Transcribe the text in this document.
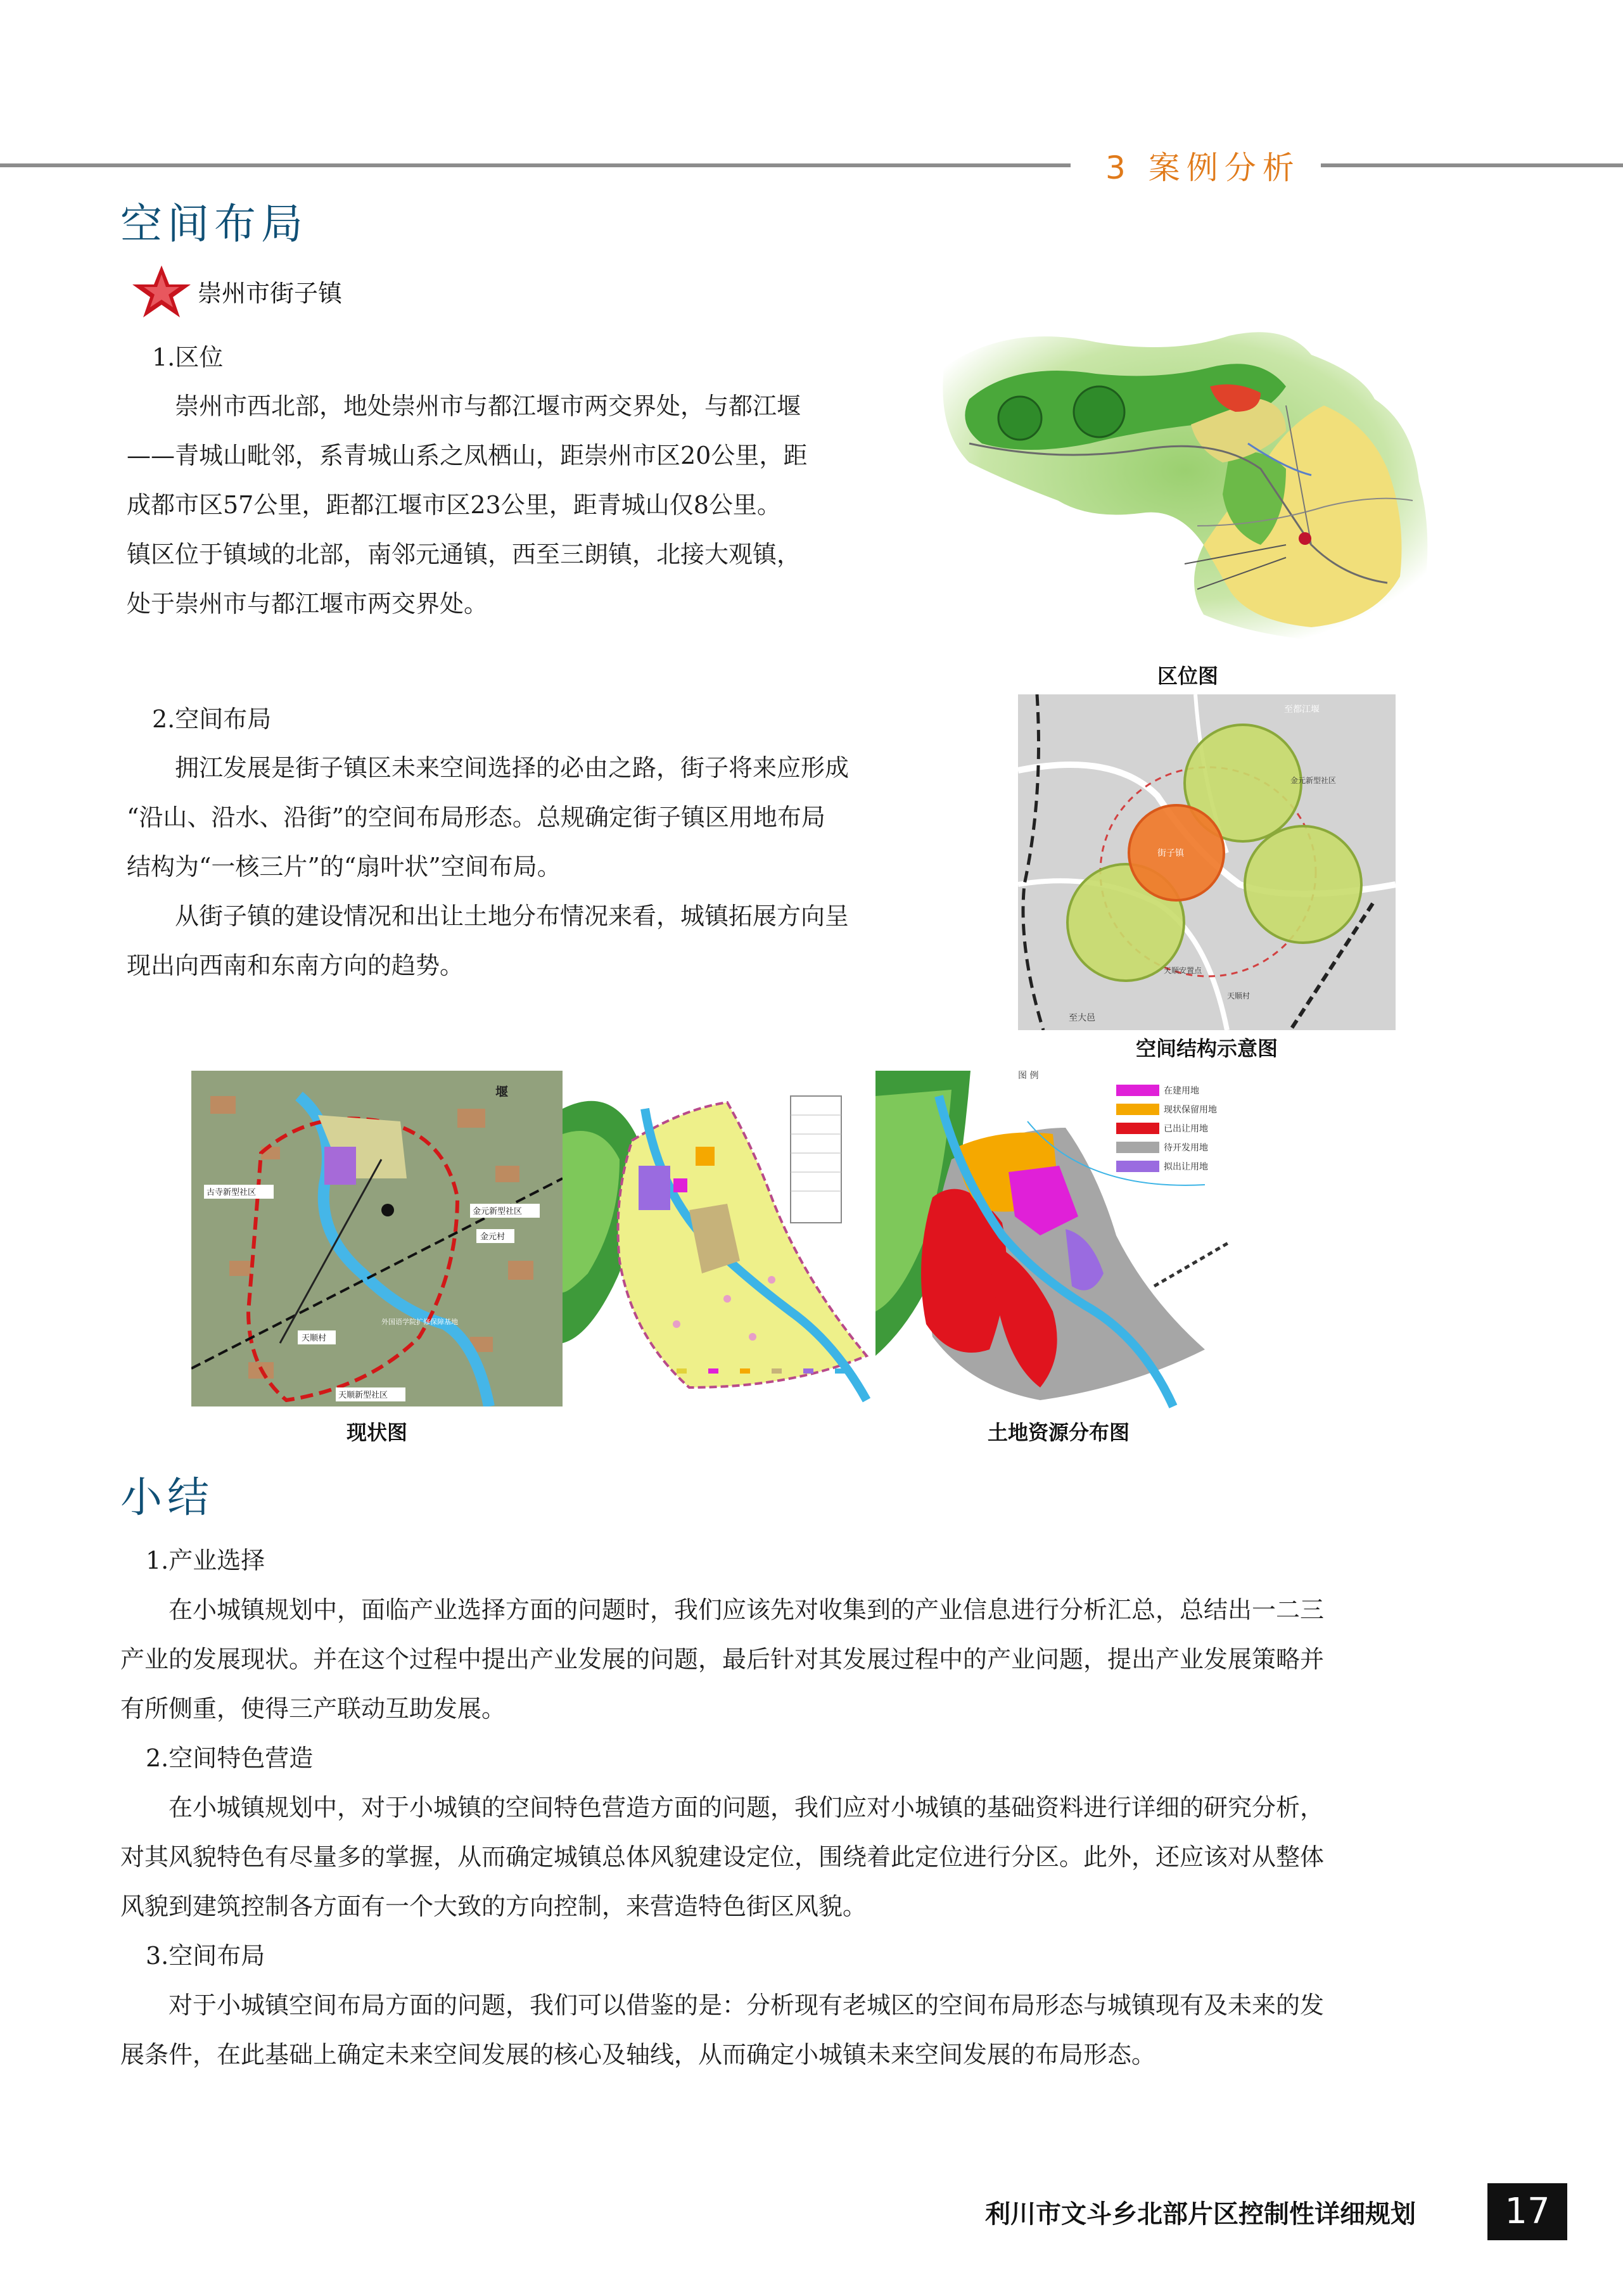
3 案例分析
空间布局
崇州市街子镇
1.区位

崇州市西北部，地处崇州市与都江堰市两交界处，与都江堰

——青城山毗邻，系青城山系之凤栖山，距崇州市区20公里，距

成都市区57公里，距都江堰市区23公里，距青城山仅8公里。

镇区位于镇域的北部，南邻元通镇，西至三朗镇，北接大观镇，

处于崇州市与都江堰市两交界处。

区位图
2.空间布局

拥江发展是街子镇区未来空间选择的必由之路，街子将来应形成

“沿山、沿水、沿街”的空间布局形态。总规确定街子镇区用地布局

结构为“一核三片”的“扇叶状”空间布局。

从街子镇的建设情况和出让土地分布情况来看，城镇拓展方向呈

现出向西南和东南方向的趋势。

至都江堰
金元新型社区
天顺安置点
天顺村
至大邑
街子镇
空间结构示意图
堰
古寺新型社区
金元新型社区
金元村
天顺村
天顺新型社区
外国语学院扩修保障基地
图 例
在建用地
现状保留用地
已出让用地
待开发用地
拟出让用地
现状图	土地资源分布图
小结

1.产业选择

在小城镇规划中，面临产业选择方面的问题时，我们应该先对收集到的产业信息进行分析汇总，总结出一二三

产业的发展现状。并在这个过程中提出产业发展的问题，最后针对其发展过程中的产业问题，提出产业发展策略并

有所侧重，使得三产联动互助发展。

2.空间特色营造

在小城镇规划中，对于小城镇的空间特色营造方面的问题，我们应对小城镇的基础资料进行详细的研究分析，

对其风貌特色有尽量多的掌握，从而确定城镇总体风貌建设定位，围绕着此定位进行分区。此外，还应该对从整体

风貌到建筑控制各方面有一个大致的方向控制，来营造特色街区风貌。

3.空间布局

对于小城镇空间布局方面的问题，我们可以借鉴的是：分析现有老城区的空间布局形态与城镇现有及未来的发

展条件，在此基础上确定未来空间发展的核心及轴线，从而确定小城镇未来空间发展的布局形态。

利川市文斗乡北部片区控制性详细规划	17
